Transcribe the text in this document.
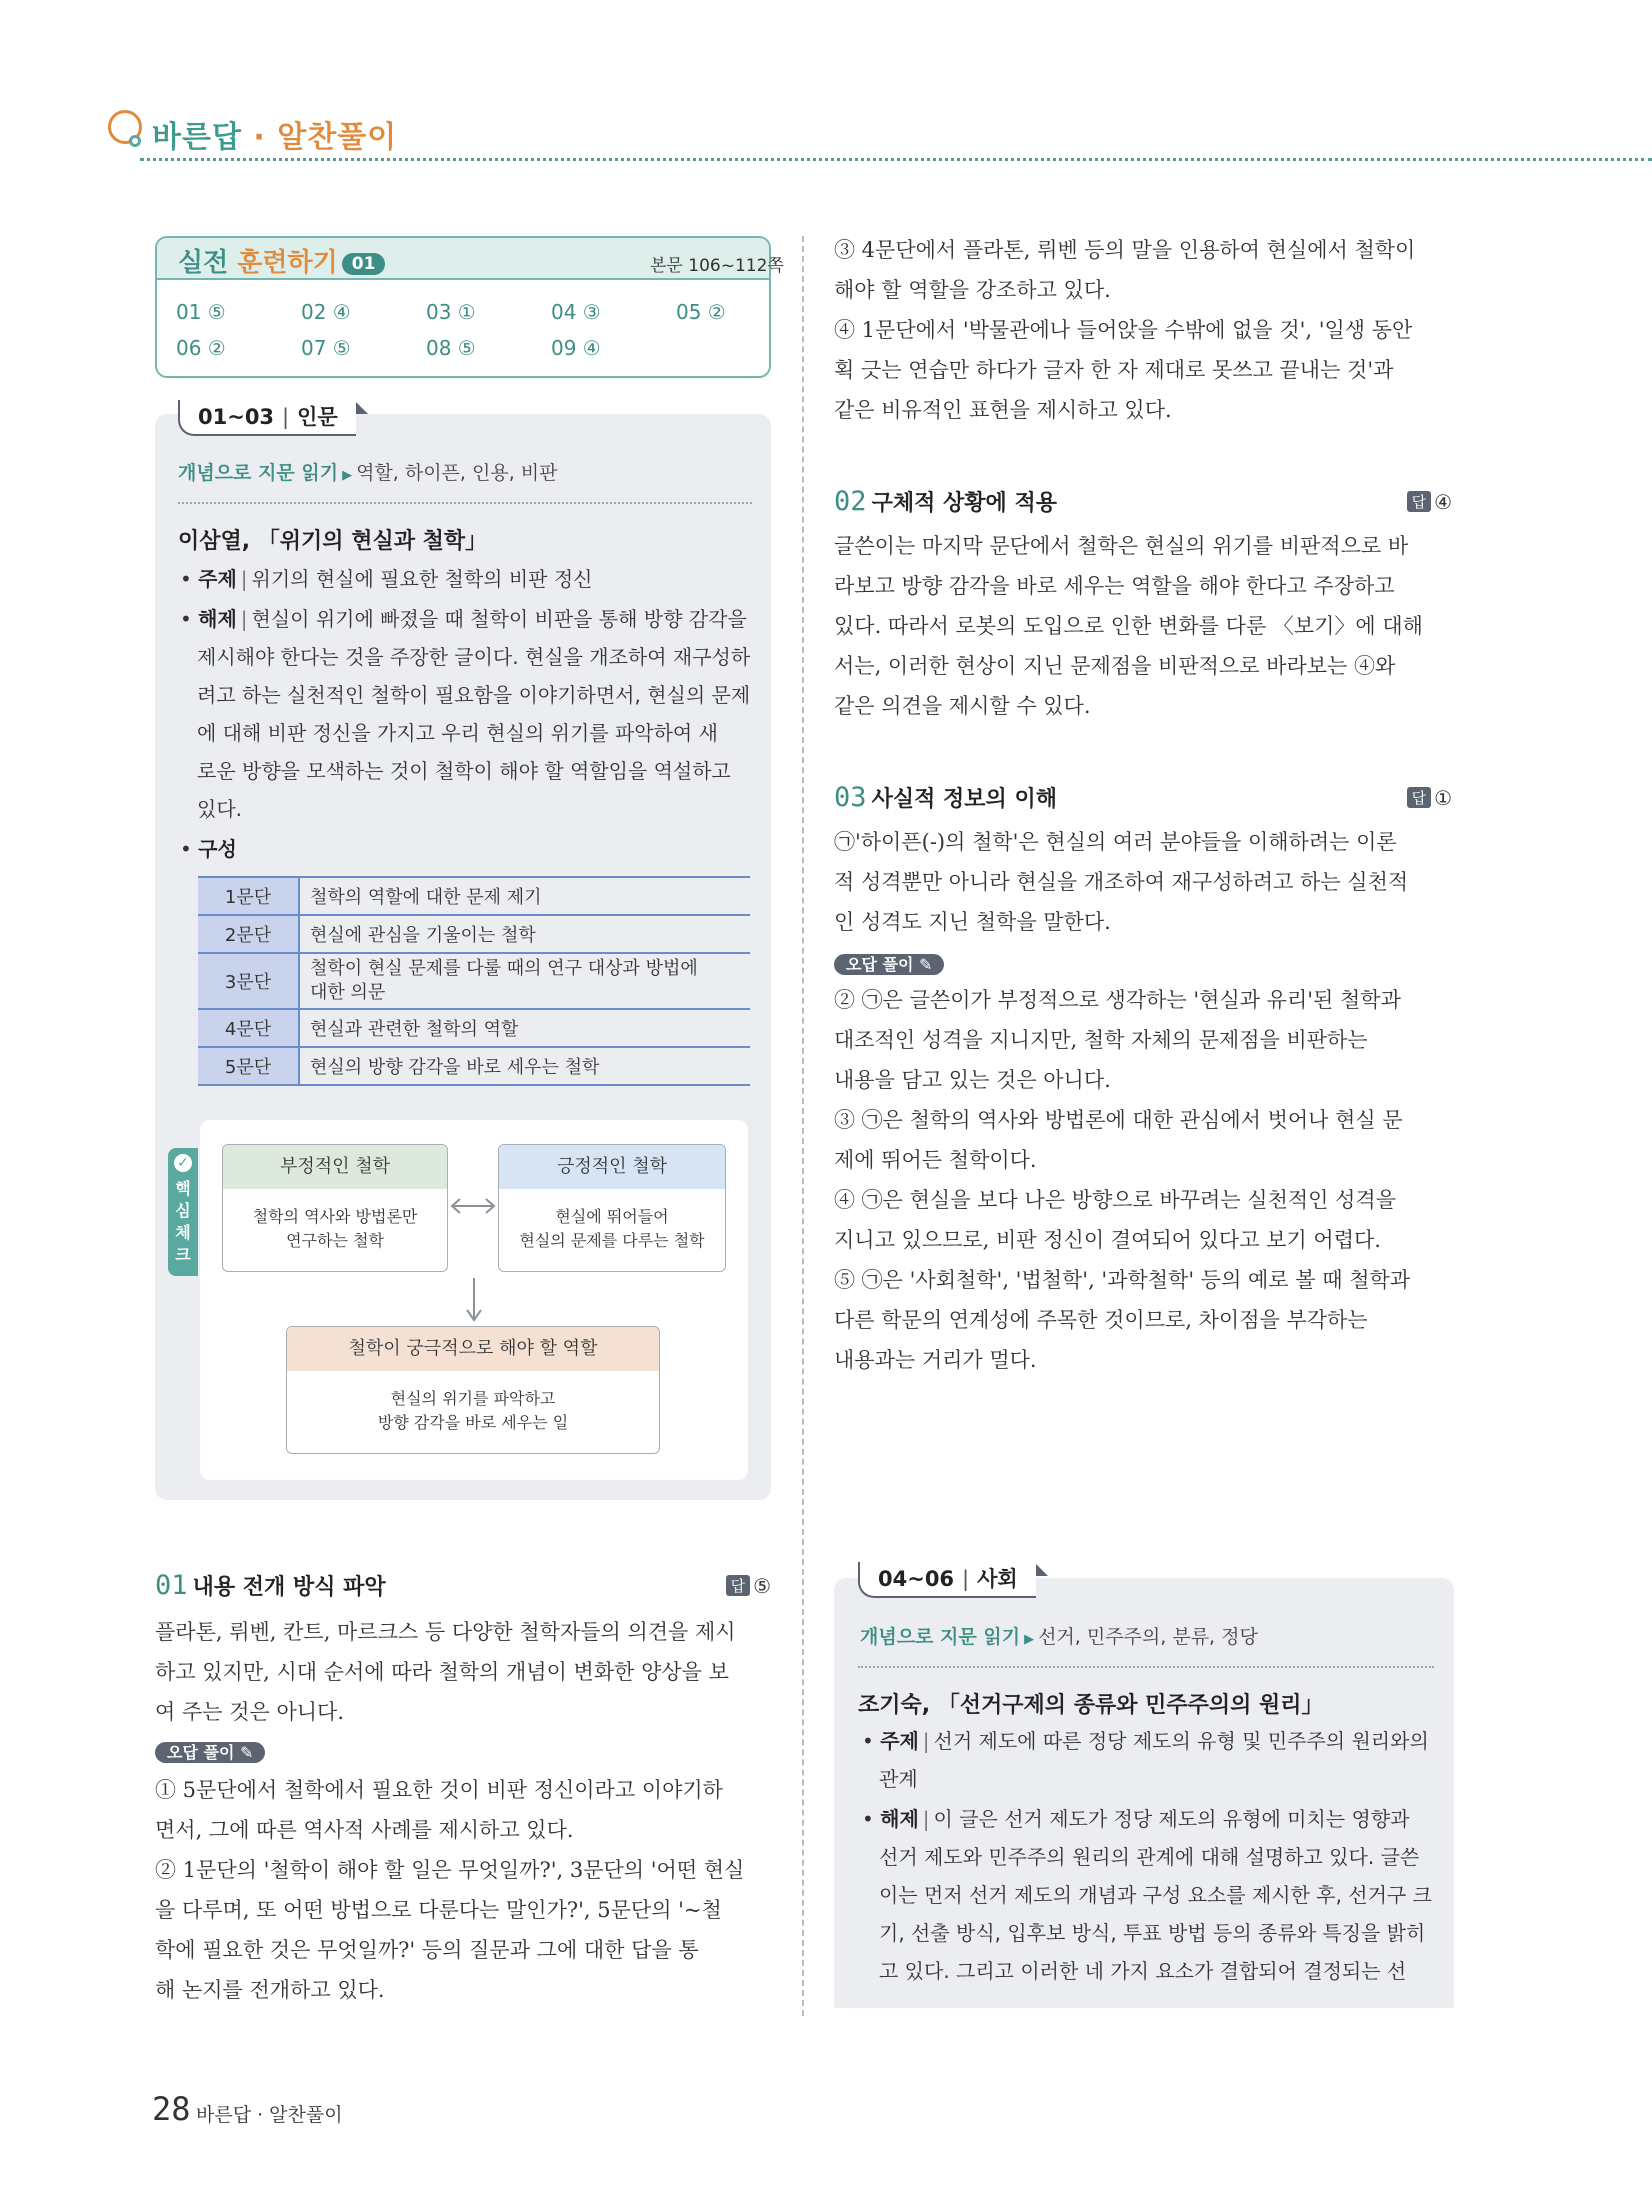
바른답 · 알찬풀이
실전 훈련하기 01	본문 106~112쪽
01 ⑤	02 ④	03 ①	04 ③	05 ②
06 ②	07 ⑤	08 ⑤	09 ④
01~03 | 인문
개념으로 지문 읽기 ▶ 역할, 하이픈, 인용, 비판
이삼열, 「위기의 현실과 철학」
• 주제 | 위기의 현실에 필요한 철학의 비판 정신
• 해제 | 현실이 위기에 빠졌을 때 철학이 비판을 통해 방향 감각을
제시해야 한다는 것을 주장한 글이다. 현실을 개조하여 재구성하
려고 하는 실천적인 철학이 필요함을 이야기하면서, 현실의 문제
에 대해 비판 정신을 가지고 우리 현실의 위기를 파악하여 새
로운 방향을 모색하는 것이 철학이 해야 할 역할임을 역설하고
있다.
• 구성
1문단	철학의 역할에 대한 문제 제기
2문단	현실에 관심을 기울이는 철학
3문단	철학이 현실 문제를 다룰 때의 연구 대상과 방법에
대한 의문
4문단	현실과 관련한 철학의 역할
5문단	현실의 방향 감각을 바로 세우는 철학
핵심체크
✓	부정적인 철학
철학의 역사와 방법론만
연구하는 철학
긍정적인 철학
현실에 뛰어들어
현실의 문제를 다루는 철학
철학이 궁극적으로 해야 할 역할
현실의 위기를 파악하고
방향 감각을 바로 세우는 일
01 내용 전개 방식 파악	답 ⑤
플라톤, 뤼벤, 칸트, 마르크스 등 다양한 철학자들의 의견을 제시
하고 있지만, 시대 순서에 따라 철학의 개념이 변화한 양상을 보
여 주는 것은 아니다.
오답 풀이 ✎
① 5문단에서 철학에서 필요한 것이 비판 정신이라고 이야기하
면서, 그에 따른 역사적 사례를 제시하고 있다.
② 1문단의 '철학이 해야 할 일은 무엇일까?', 3문단의 '어떤 현실
을 다루며, 또 어떤 방법으로 다룬다는 말인가?', 5문단의 '~철
학에 필요한 것은 무엇일까?' 등의 질문과 그에 대한 답을 통
해 논지를 전개하고 있다.
③ 4문단에서 플라톤, 뤼벤 등의 말을 인용하여 현실에서 철학이
해야 할 역할을 강조하고 있다.
④ 1문단에서 '박물관에나 들어앉을 수밖에 없을 것', '일생 동안
획 긋는 연습만 하다가 글자 한 자 제대로 못쓰고 끝내는 것'과
같은 비유적인 표현을 제시하고 있다.
02 구체적 상황에 적용	답 ④
글쓴이는 마지막 문단에서 철학은 현실의 위기를 비판적으로 바
라보고 방향 감각을 바로 세우는 역할을 해야 한다고 주장하고
있다. 따라서 로봇의 도입으로 인한 변화를 다룬 〈보기〉에 대해
서는, 이러한 현상이 지닌 문제점을 비판적으로 바라보는 ④와
같은 의견을 제시할 수 있다.
03 사실적 정보의 이해	답 ①
㉠'하이픈(-)의 철학'은 현실의 여러 분야들을 이해하려는 이론
적 성격뿐만 아니라 현실을 개조하여 재구성하려고 하는 실천적
인 성격도 지닌 철학을 말한다.
오답 풀이 ✎
② ㉠은 글쓴이가 부정적으로 생각하는 '현실과 유리'된 철학과
대조적인 성격을 지니지만, 철학 자체의 문제점을 비판하는
내용을 담고 있는 것은 아니다.
③ ㉠은 철학의 역사와 방법론에 대한 관심에서 벗어나 현실 문
제에 뛰어든 철학이다.
④ ㉠은 현실을 보다 나은 방향으로 바꾸려는 실천적인 성격을
지니고 있으므로, 비판 정신이 결여되어 있다고 보기 어렵다.
⑤ ㉠은 '사회철학', '법철학', '과학철학' 등의 예로 볼 때 철학과
다른 학문의 연계성에 주목한 것이므로, 차이점을 부각하는
내용과는 거리가 멀다.
04~06 | 사회
개념으로 지문 읽기 ▶ 선거, 민주주의, 분류, 정당
조기숙, 「선거구제의 종류와 민주주의의 원리」
• 주제 | 선거 제도에 따른 정당 제도의 유형 및 민주주의 원리와의
관계
• 해제 | 이 글은 선거 제도가 정당 제도의 유형에 미치는 영향과
선거 제도와 민주주의 원리의 관계에 대해 설명하고 있다. 글쓴
이는 먼저 선거 제도의 개념과 구성 요소를 제시한 후, 선거구 크
기, 선출 방식, 입후보 방식, 투표 방법 등의 종류와 특징을 밝히
고 있다. 그리고 이러한 네 가지 요소가 결합되어 결정되는 선
28 바른답 · 알찬풀이
